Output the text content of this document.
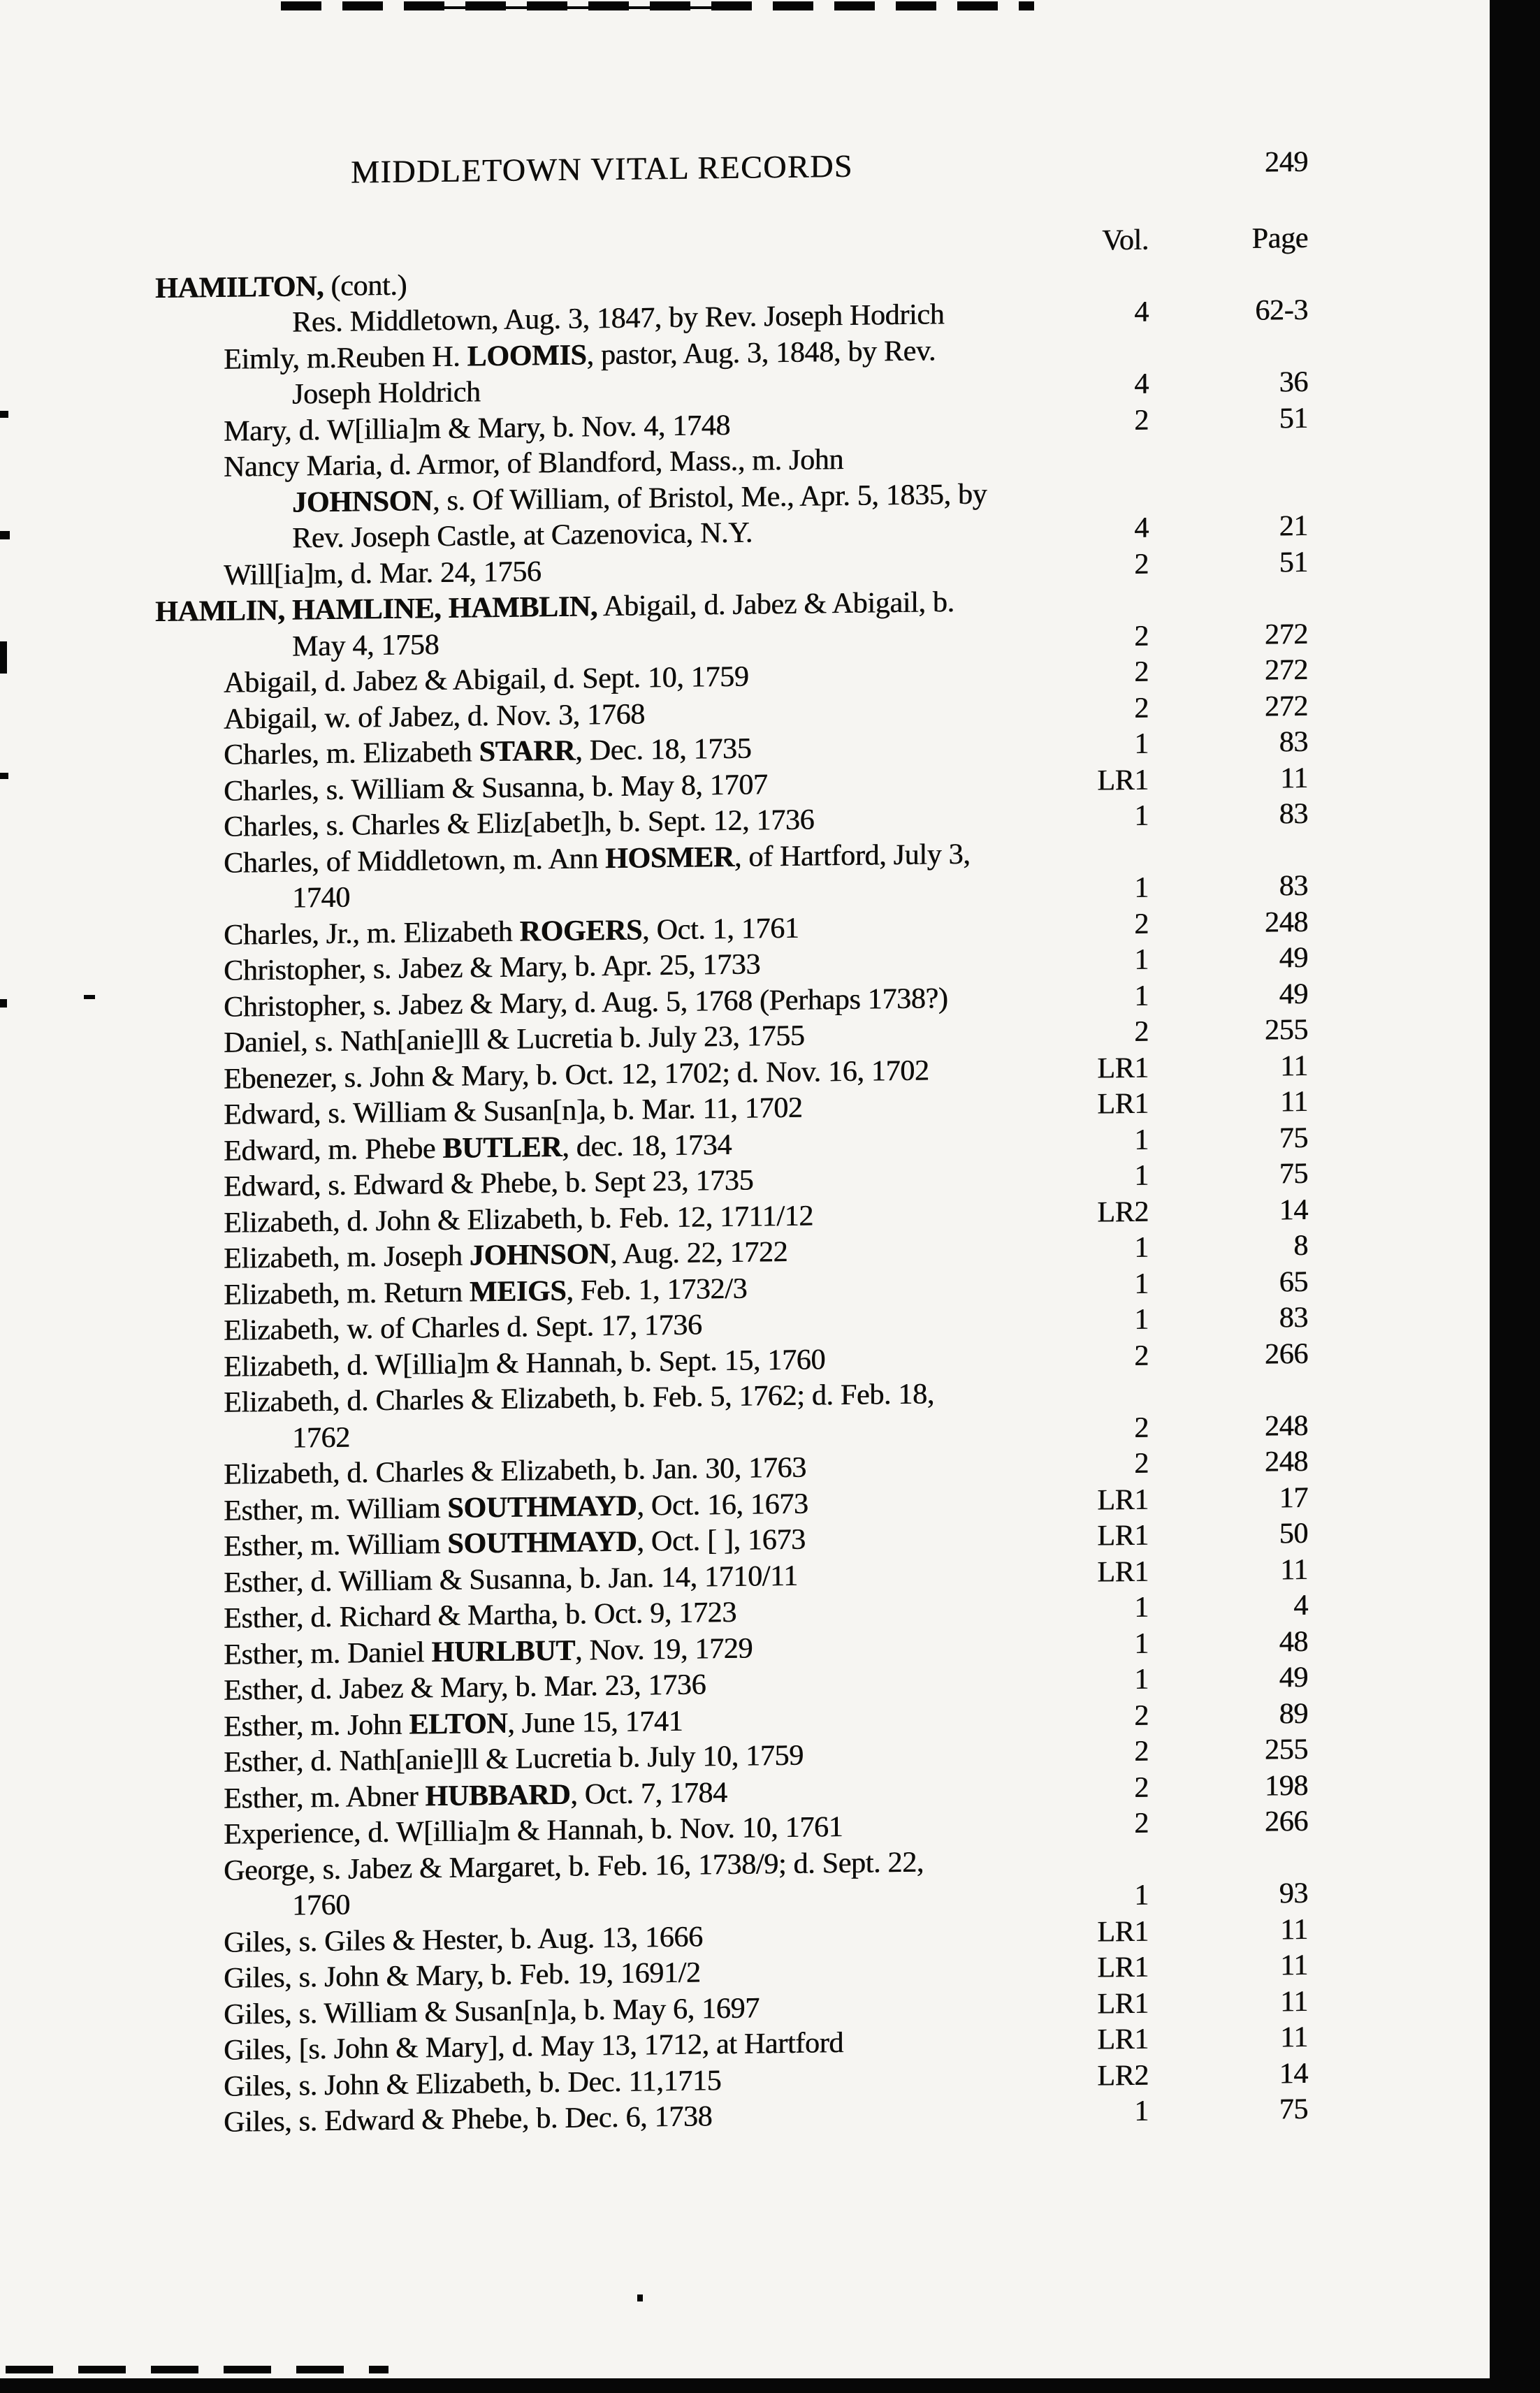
MIDDLETOWN VITAL RECORDS	249
Vol.	Page
HAMILTON, (cont.)
Res. Middletown, Aug. 3, 1847, by Rev. Joseph Hodrich	4	62-3
Eimly, m.Reuben H. LOOMIS, pastor, Aug. 3, 1848, by Rev.
Joseph Holdrich	4	36
Mary, d. W[illia]m & Mary, b. Nov. 4, 1748	2	51
Nancy Maria, d. Armor, of Blandford, Mass., m. John
JOHNSON, s. Of William, of Bristol, Me., Apr. 5, 1835, by
Rev. Joseph Castle, at Cazenovica, N.Y.	4	21
Will[ia]m, d. Mar. 24, 1756	2	51
HAMLIN, HAMLINE, HAMBLIN, Abigail, d. Jabez & Abigail, b.
May 4, 1758	2	272
Abigail, d. Jabez & Abigail, d. Sept. 10, 1759	2	272
Abigail, w. of Jabez, d. Nov. 3, 1768	2	272
Charles, m. Elizabeth STARR, Dec. 18, 1735	1	83
Charles, s. William & Susanna, b. May 8, 1707	LR1	11
Charles, s. Charles & Eliz[abet]h, b. Sept. 12, 1736	1	83
Charles, of Middletown, m. Ann HOSMER, of Hartford, July 3,
1740	1	83
Charles, Jr., m. Elizabeth ROGERS, Oct. 1, 1761	2	248
Christopher, s. Jabez & Mary, b. Apr. 25, 1733	1	49
Christopher, s. Jabez & Mary, d. Aug. 5, 1768 (Perhaps 1738?)	1	49
Daniel, s. Nath[anie]ll & Lucretia b. July 23, 1755	2	255
Ebenezer, s. John & Mary, b. Oct. 12, 1702; d. Nov. 16, 1702	LR1	11
Edward, s. William & Susan[n]a, b. Mar. 11, 1702	LR1	11
Edward, m. Phebe BUTLER, dec. 18, 1734	1	75
Edward, s. Edward & Phebe, b. Sept 23, 1735	1	75
Elizabeth, d. John & Elizabeth, b. Feb. 12, 1711/12	LR2	14
Elizabeth, m. Joseph JOHNSON, Aug. 22, 1722	1	8
Elizabeth, m. Return MEIGS, Feb. 1, 1732/3	1	65
Elizabeth, w. of Charles d. Sept. 17, 1736	1	83
Elizabeth, d. W[illia]m & Hannah, b. Sept. 15, 1760	2	266
Elizabeth, d. Charles & Elizabeth, b. Feb. 5, 1762; d. Feb. 18,
1762	2	248
Elizabeth, d. Charles & Elizabeth, b. Jan. 30, 1763	2	248
Esther, m. William SOUTHMAYD, Oct. 16, 1673	LR1	17
Esther, m. William SOUTHMAYD, Oct. [ ], 1673	LR1	50
Esther, d. William & Susanna, b. Jan. 14, 1710/11	LR1	11
Esther, d. Richard & Martha, b. Oct. 9, 1723	1	4
Esther, m. Daniel HURLBUT, Nov. 19, 1729	1	48
Esther, d. Jabez & Mary, b. Mar. 23, 1736	1	49
Esther, m. John ELTON, June 15, 1741	2	89
Esther, d. Nath[anie]ll & Lucretia b. July 10, 1759	2	255
Esther, m. Abner HUBBARD, Oct. 7, 1784	2	198
Experience, d. W[illia]m & Hannah, b. Nov. 10, 1761	2	266
George, s. Jabez & Margaret, b. Feb. 16, 1738/9; d. Sept. 22,
1760	1	93
Giles, s. Giles & Hester, b. Aug. 13, 1666	LR1	11
Giles, s. John & Mary, b. Feb. 19, 1691/2	LR1	11
Giles, s. William & Susan[n]a, b. May 6, 1697	LR1	11
Giles, [s. John & Mary], d. May 13, 1712, at Hartford	LR1	11
Giles, s. John & Elizabeth, b. Dec. 11,1715	LR2	14
Giles, s. Edward & Phebe, b. Dec. 6, 1738	1	75
